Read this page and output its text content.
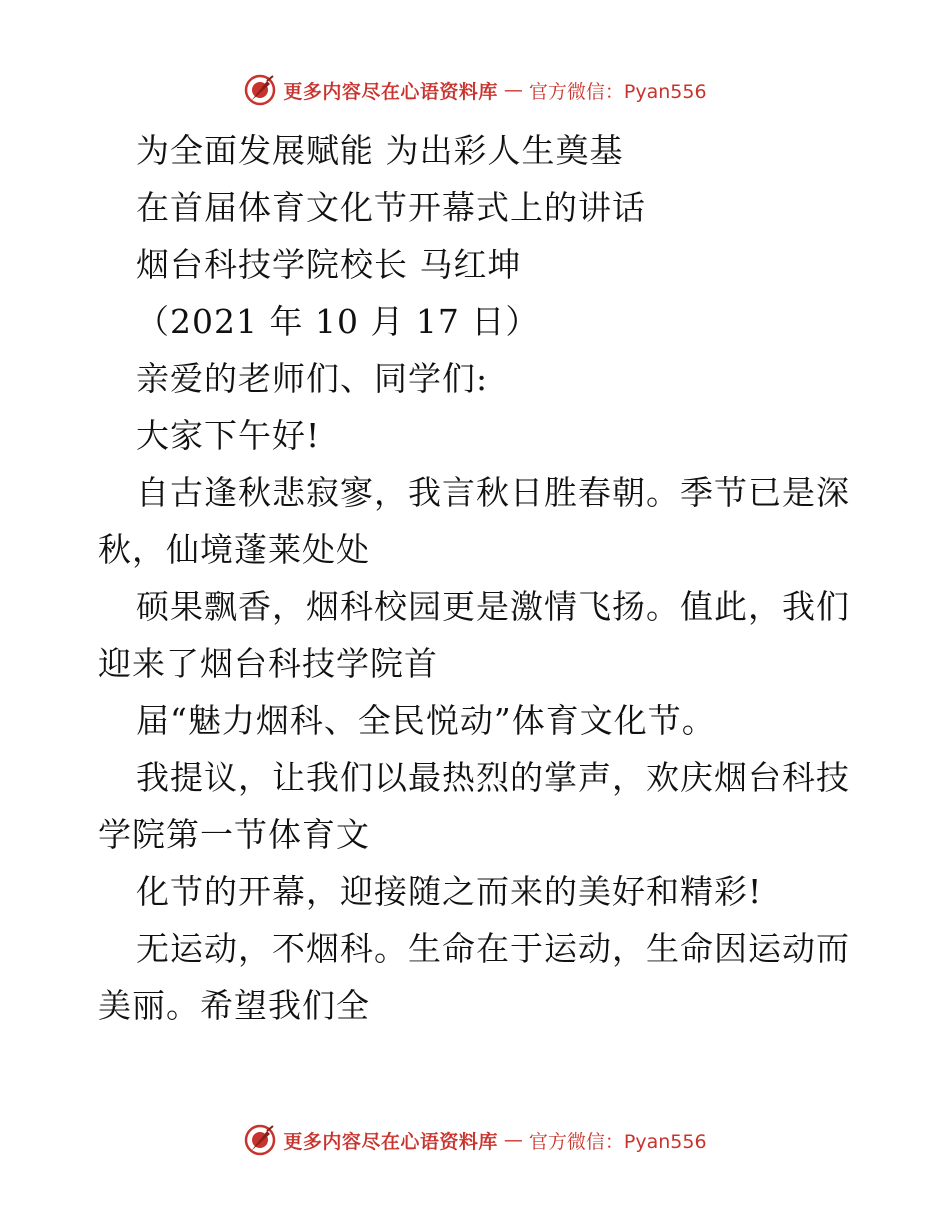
更多内容尽在心语资料库 — 官方微信：Pyan556
为全面发展赋能 为出彩人生奠基
在首届体育文化节开幕式上的讲话
烟台科技学院校长 马红坤
（2021 年 10 月 17 日）
亲爱的老师们、同学们:
大家下午好!
自古逢秋悲寂寥，我言秋日胜春朝。季节已是深
秋，仙境蓬莱处处
硕果飘香，烟科校园更是激情飞扬。值此，我们
迎来了烟台科技学院首
届“魅力烟科、全民悦动”体育文化节。
我提议，让我们以最热烈的掌声，欢庆烟台科技
学院第一节体育文
化节的开幕，迎接随之而来的美好和精彩!
无运动，不烟科。生命在于运动，生命因运动而
美丽。希望我们全
更多内容尽在心语资料库 — 官方微信：Pyan556
